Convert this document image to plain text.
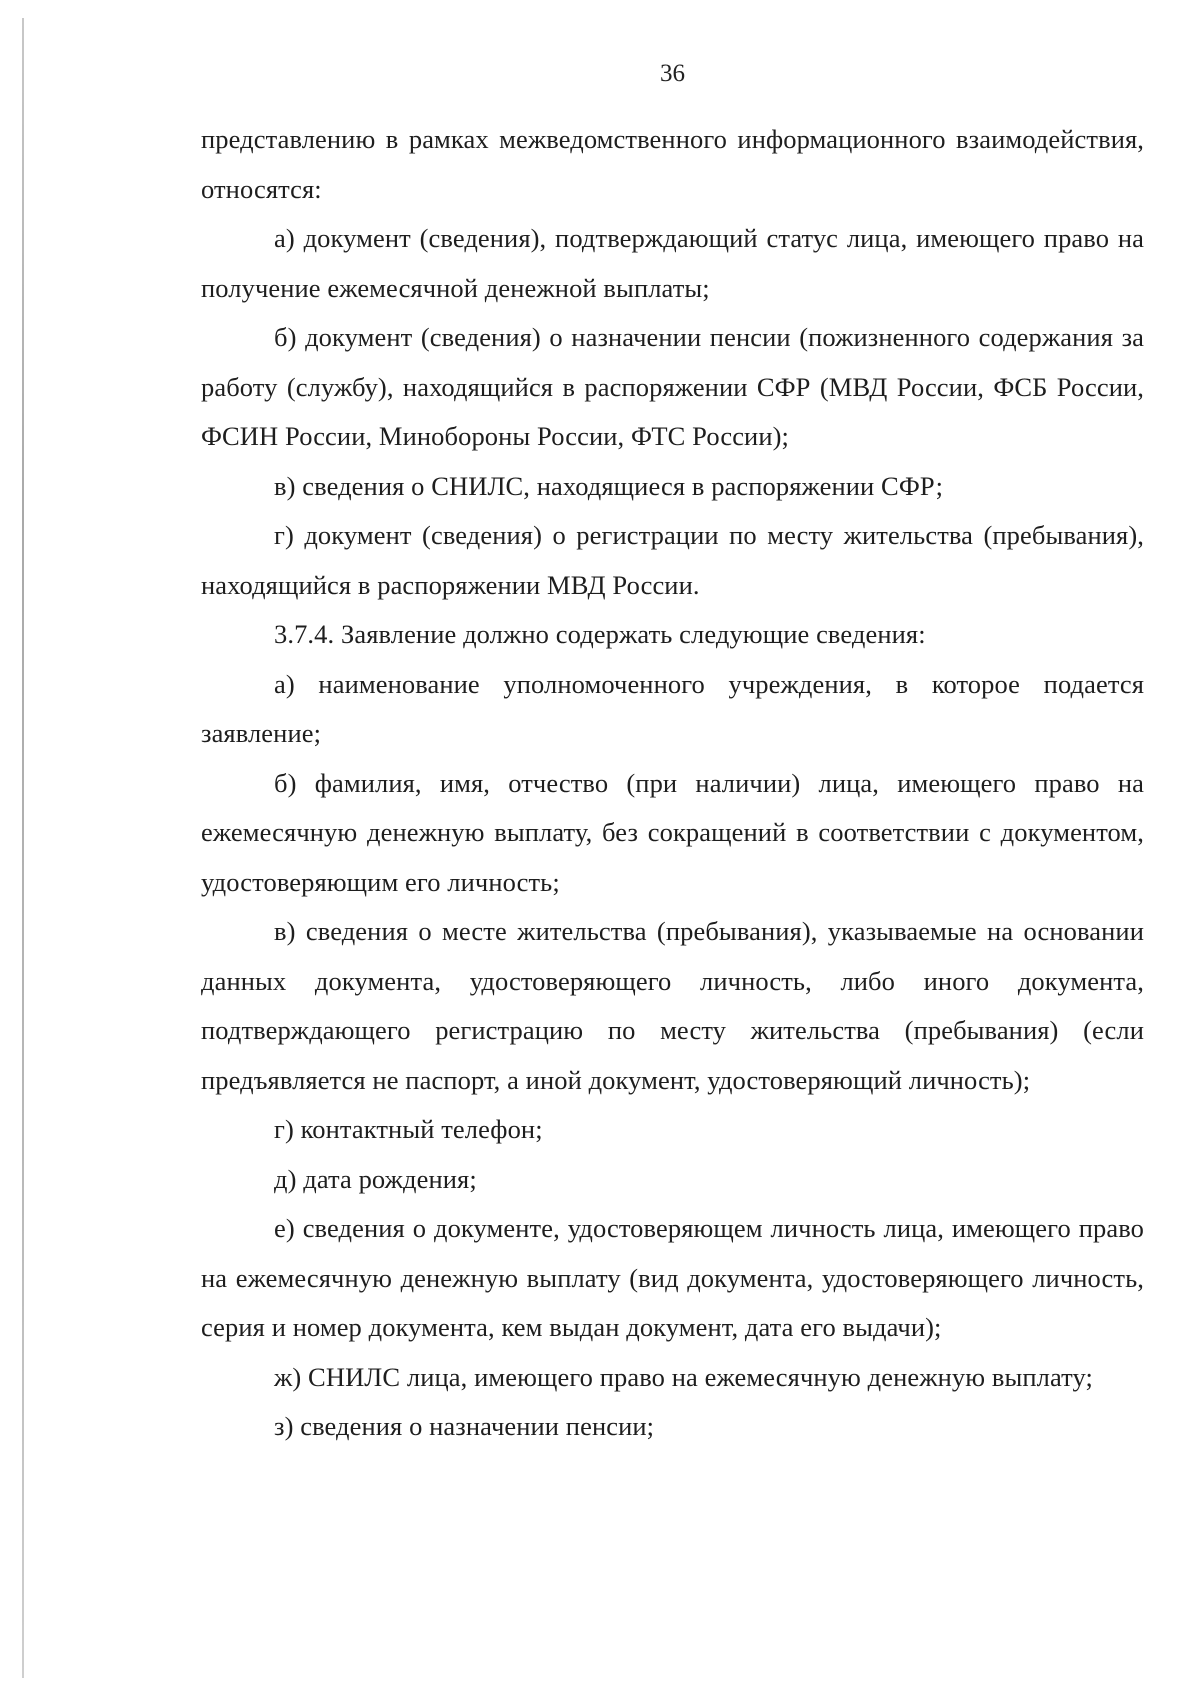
36

представлению в рамках межведомственного информационного взаимодействия, относятся:

а) документ (сведения), подтверждающий статус лица, имеющего право на получение ежемесячной денежной выплаты;

б) документ (сведения) о назначении пенсии (пожизненного содержания за работу (службу), находящийся в распоряжении СФР (МВД России, ФСБ России, ФСИН России, Минобороны России, ФТС России);

в) сведения о СНИЛС, находящиеся в распоряжении СФР;

г) документ (сведения) о регистрации по месту жительства (пребывания), находящийся в распоряжении МВД России.

3.7.4. Заявление должно содержать следующие сведения:

а) наименование уполномоченного учреждения, в которое подается заявление;

б) фамилия, имя, отчество (при наличии) лица, имеющего право на ежемесячную денежную выплату, без сокращений в соответствии с документом, удостоверяющим его личность;

в) сведения о месте жительства (пребывания), указываемые на основании данных документа, удостоверяющего личность, либо иного документа, подтверждающего регистрацию по месту жительства (пребывания) (если предъявляется не паспорт, а иной документ, удостоверяющий личность);

г) контактный телефон;

д) дата рождения;

е) сведения о документе, удостоверяющем личность лица, имеющего право на ежемесячную денежную выплату (вид документа, удостоверяющего личность, серия и номер документа, кем выдан документ, дата его выдачи);

ж) СНИЛС лица, имеющего право на ежемесячную денежную выплату;

з) сведения о назначении пенсии;
